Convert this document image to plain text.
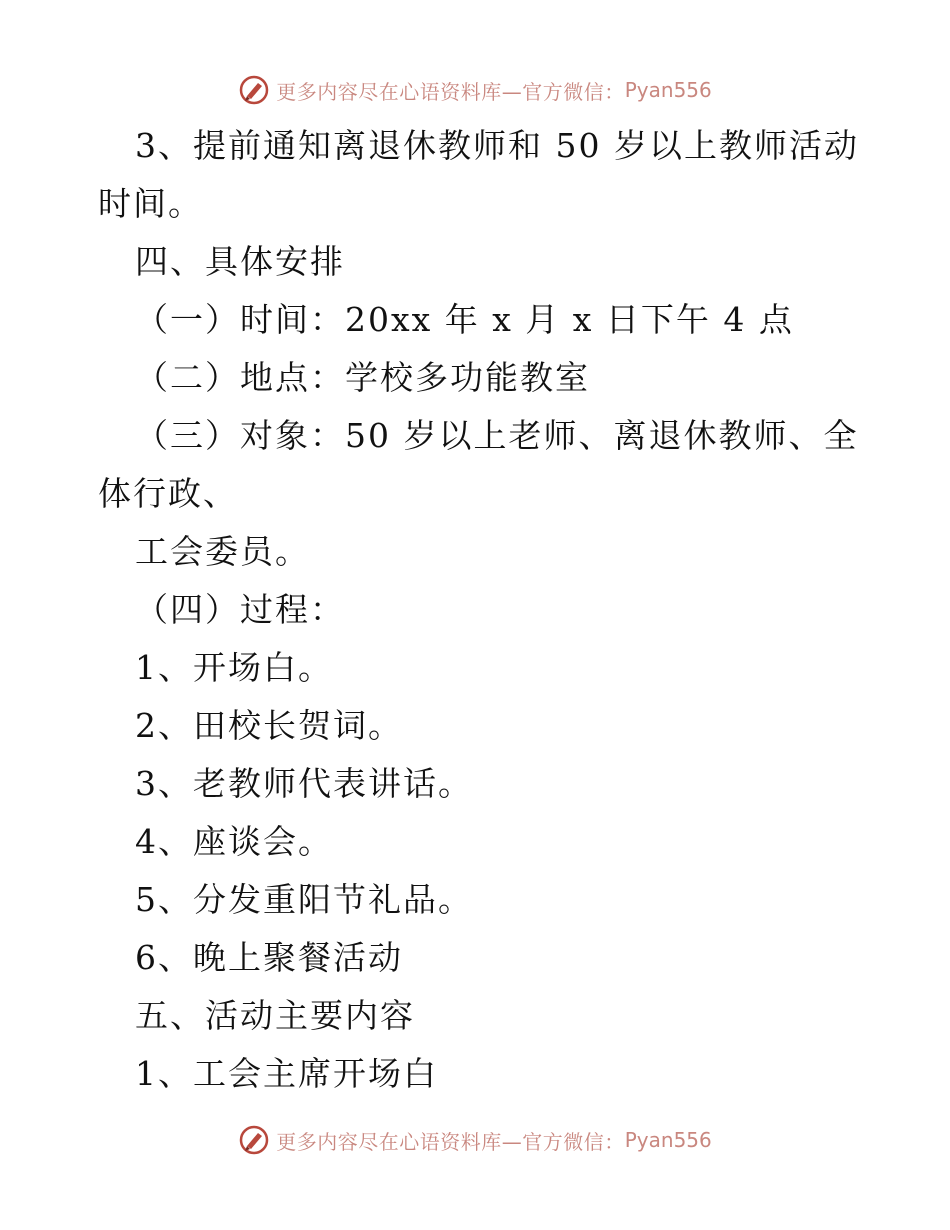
更多内容尽在心语资料库—官方微信： Pyan556
3、提前通知离退休教师和 50 岁以上教师活动
时间。
四、具体安排
（一）时间：20xx 年 x 月 x 日下午 4 点
（二）地点：学校多功能教室
（三）对象：50 岁以上老师、离退休教师、全
体行政、
工会委员。
（四）过程：
1、开场白。
2、田校长贺词。
3、老教师代表讲话。
4、座谈会。
5、分发重阳节礼品。
6、晚上聚餐活动
五、活动主要内容
1、工会主席开场白
更多内容尽在心语资料库—官方微信： Pyan556
